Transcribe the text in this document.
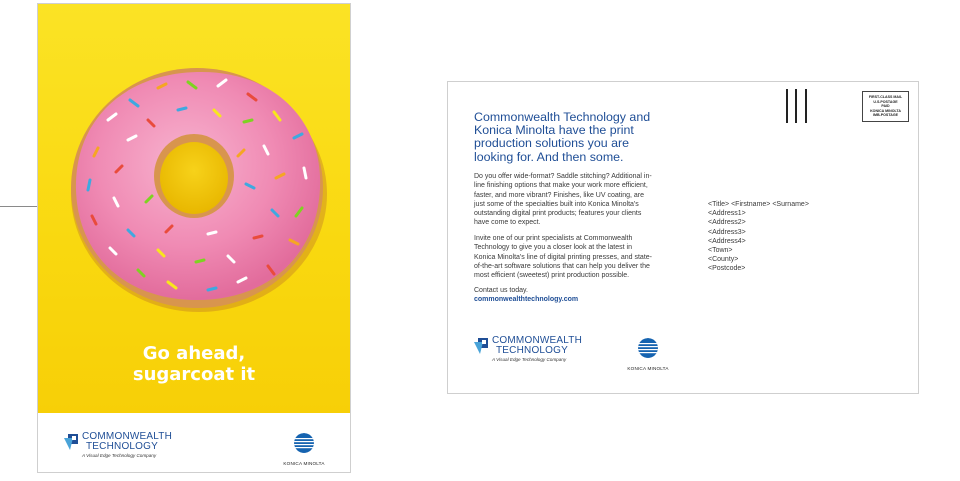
Go ahead,
sugarcoat it
COMMONWEALTH
TECHNOLOGY
A Visual Edge Technology Company
KONICA MINOLTA
Commonwealth Technology and
Konica Minolta have the print
production solutions you are
looking for. And then some.
Do you offer wide-format? Saddle stitching? Additional in-
line finishing options that make your work more efficient,
faster, and more vibrant? Finishes, like UV coating, are
just some of the specialties built into Konica Minolta's
outstanding digital print products; features your clients
have come to expect.
Invite one of our print specialists at Commonwealth
Technology to give you a closer look at the latest in
Konica Minolta's line of digital printing presses, and state-
of-the-art software solutions that can help you deliver the
most efficient (sweetest) print production possible.
Contact us today.
commonwealthtechnology.com
COMMONWEALTH
TECHNOLOGY
A Visual Edge Technology Company
KONICA MINOLTA
FIRST-CLASS MAIL
U.S.POSTAGE
PAID
KONICA MINOLTA
IMB-POSTAGE
<Title> <Firstname> <Surname>
<Address1>
<Address2>
<Address3>
<Address4>
<Town>
<County>
<Postcode>
